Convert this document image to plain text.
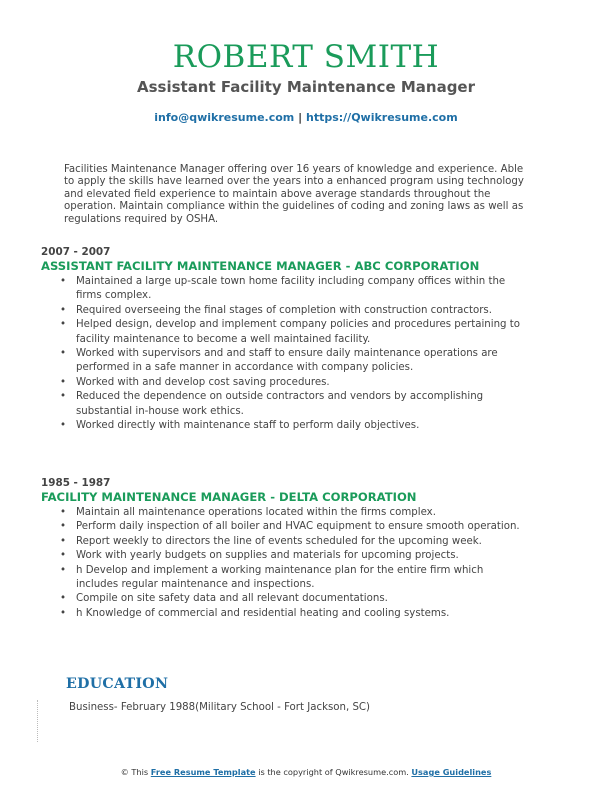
ROBERT SMITH
Assistant Facility Maintenance Manager
info@qwikresume.com | https://Qwikresume.com
Facilities Maintenance Manager offering over 16 years of knowledge and experience. Able to apply the skills have learned over the years into a enhanced program using technology and elevated field experience to maintain above average standards throughout the operation. Maintain compliance within the guidelines of coding and zoning laws as well as regulations required by OSHA.
2007 - 2007
ASSISTANT FACILITY MAINTENANCE MANAGER - ABC CORPORATION
• Maintained a large up-scale town home facility including company offices within the firms complex.
• Required overseeing the final stages of completion with construction contractors.
• Helped design, develop and implement company policies and procedures pertaining to facility maintenance to become a well maintained facility.
• Worked with supervisors and and staff to ensure daily maintenance operations are performed in a safe manner in accordance with company policies.
• Worked with and develop cost saving procedures.
• Reduced the dependence on outside contractors and vendors by accomplishing substantial in-house work ethics.
• Worked directly with maintenance staff to perform daily objectives.
1985 - 1987
FACILITY MAINTENANCE MANAGER - DELTA CORPORATION
• Maintain all maintenance operations located within the firms complex.
• Perform daily inspection of all boiler and HVAC equipment to ensure smooth operation.
• Report weekly to directors the line of events scheduled for the upcoming week.
• Work with yearly budgets on supplies and materials for upcoming projects.
• h Develop and implement a working maintenance plan for the entire firm which includes regular maintenance and inspections.
• Compile on site safety data and all relevant documentations.
• h Knowledge of commercial and residential heating and cooling systems.
EDUCATION
Business- February 1988(Military School - Fort Jackson, SC)
© This Free Resume Template is the copyright of Qwikresume.com. Usage Guidelines
